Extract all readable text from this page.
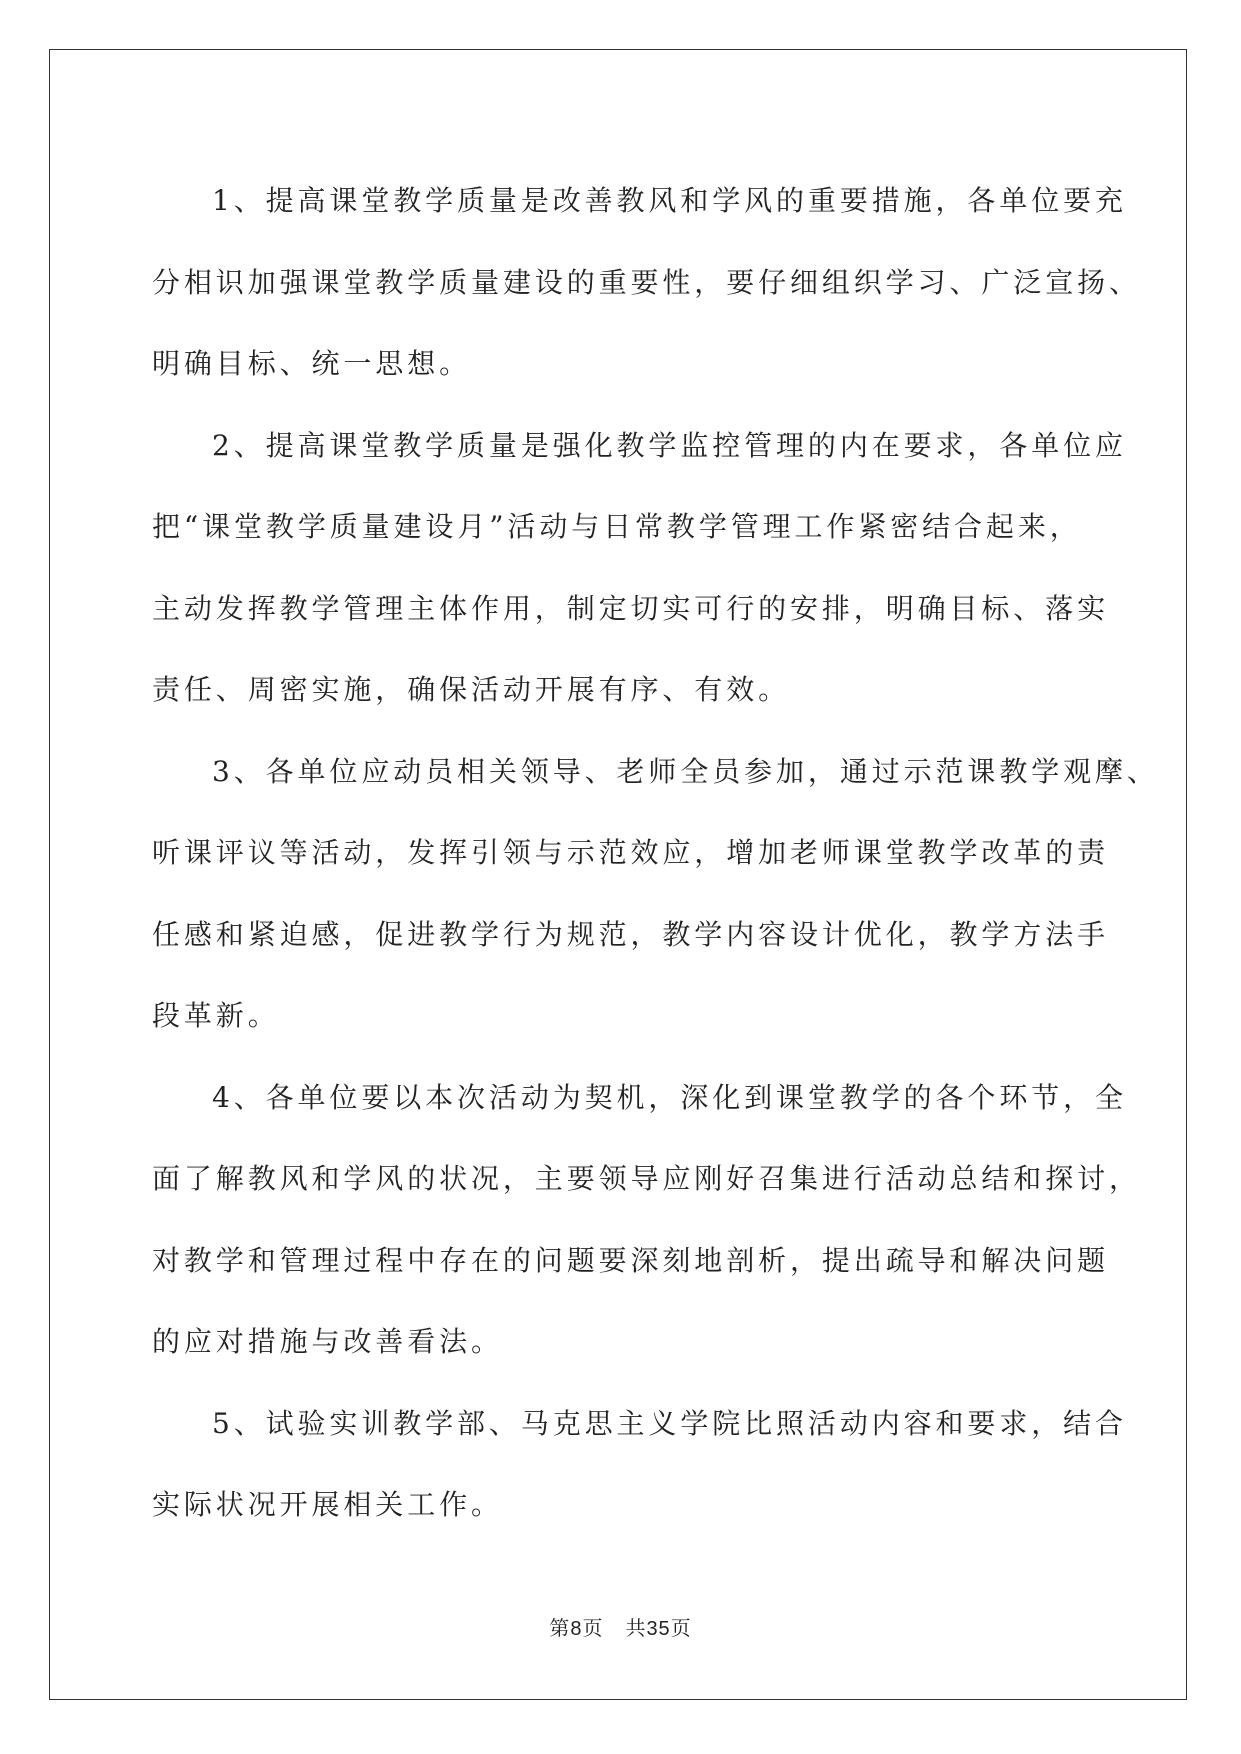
1、提高课堂教学质量是改善教风和学风的重要措施，各单位要充
分相识加强课堂教学质量建设的重要性，要仔细组织学习、广泛宣扬、
明确目标、统一思想。
2、提高课堂教学质量是强化教学监控管理的内在要求，各单位应
把“课堂教学质量建设月”活动与日常教学管理工作紧密结合起来，
主动发挥教学管理主体作用，制定切实可行的安排，明确目标、落实
责任、周密实施，确保活动开展有序、有效。
3、各单位应动员相关领导、老师全员参加，通过示范课教学观摩、
听课评议等活动，发挥引领与示范效应，增加老师课堂教学改革的责
任感和紧迫感，促进教学行为规范，教学内容设计优化，教学方法手
段革新。
4、各单位要以本次活动为契机，深化到课堂教学的各个环节，全
面了解教风和学风的状况，主要领导应刚好召集进行活动总结和探讨，
对教学和管理过程中存在的问题要深刻地剖析，提出疏导和解决问题
的应对措施与改善看法。
5、试验实训教学部、马克思主义学院比照活动内容和要求，结合
实际状况开展相关工作。
第8页 共35页
